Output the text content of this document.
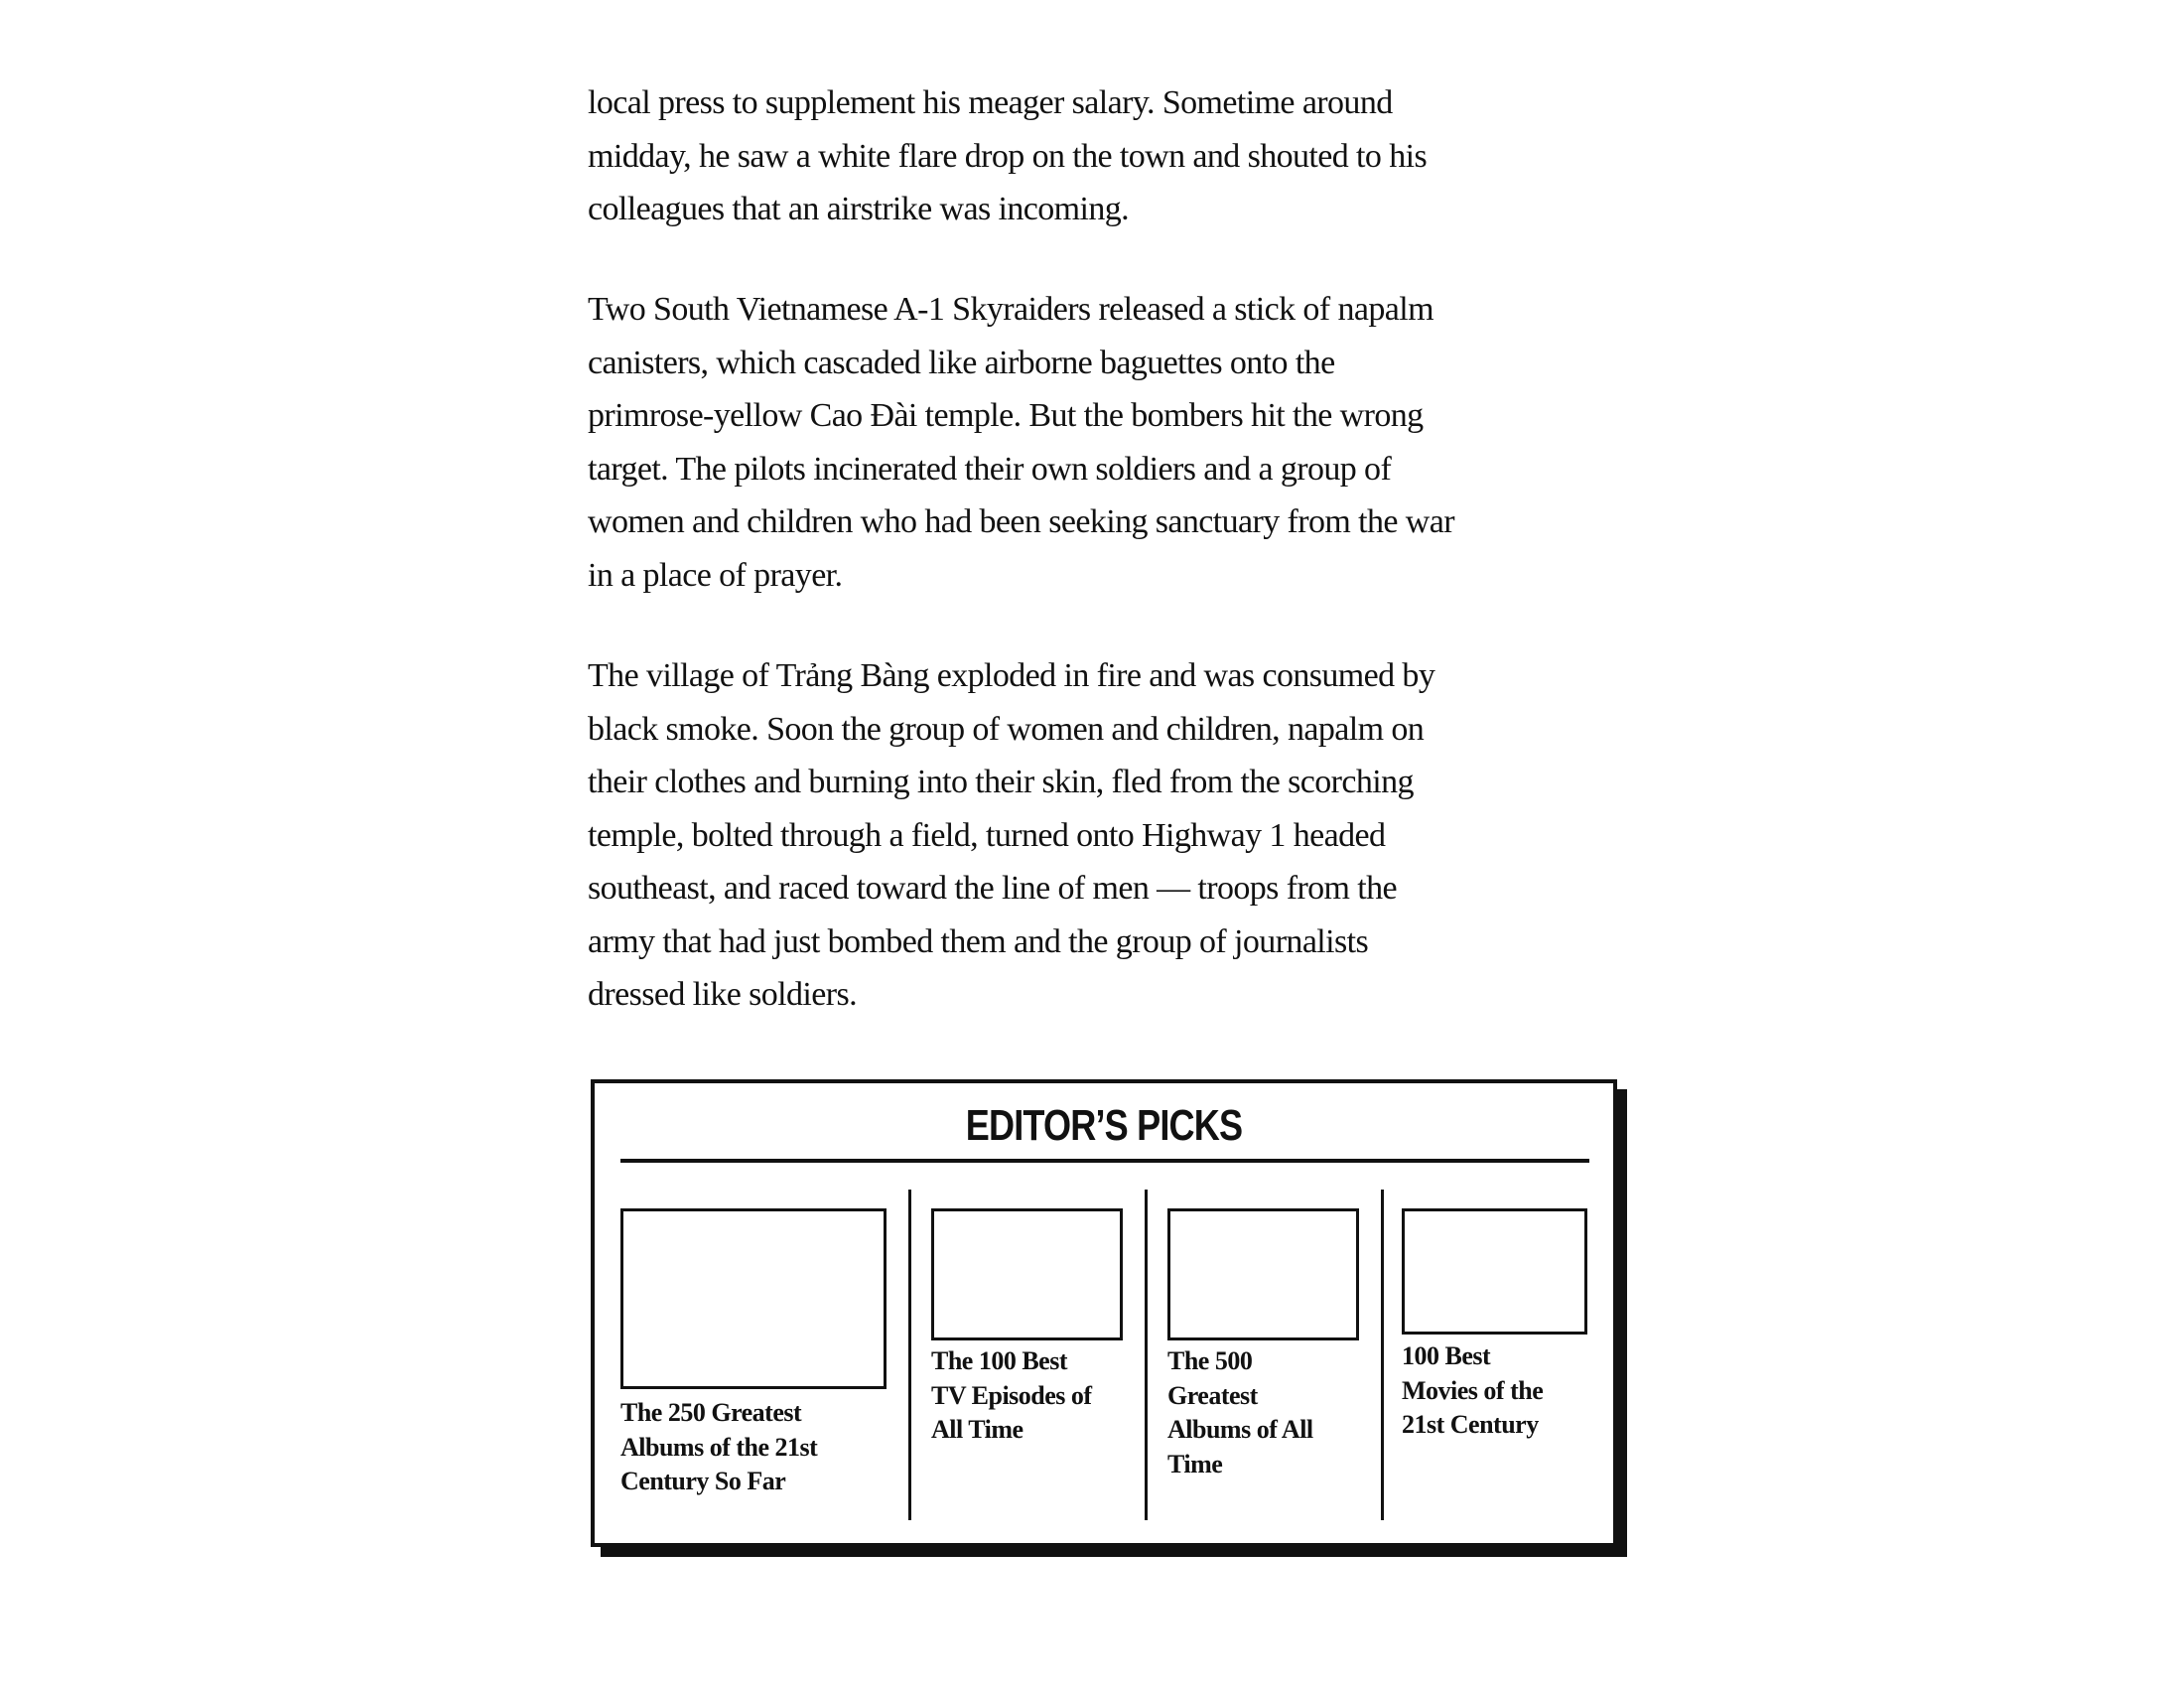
local press to supplement his meager salary. Sometime around
midday, he saw a white flare drop on the town and shouted to his
colleagues that an airstrike was incoming.
Two South Vietnamese A-1 Skyraiders released a stick of napalm
canisters, which cascaded like airborne baguettes onto the
primrose-yellow Cao Đài temple. But the bombers hit the wrong
target. The pilots incinerated their own soldiers and a group of
women and children who had been seeking sanctuary from the war
in a place of prayer.
The village of Trảng Bàng exploded in fire and was consumed by
black smoke. Soon the group of women and children, napalm on
their clothes and burning into their skin, fled from the scorching
temple, bolted through a field, turned onto Highway 1 headed
southeast, and raced toward the line of men — troops from the
army that had just bombed them and the group of journalists
dressed like soldiers.
EDITOR’S PICKS
The 250 Greatest
Albums of the 21st
Century So Far
The 100 Best
TV Episodes of
All Time
The 500
Greatest
Albums of All
Time
100 Best
Movies of the
21st Century
